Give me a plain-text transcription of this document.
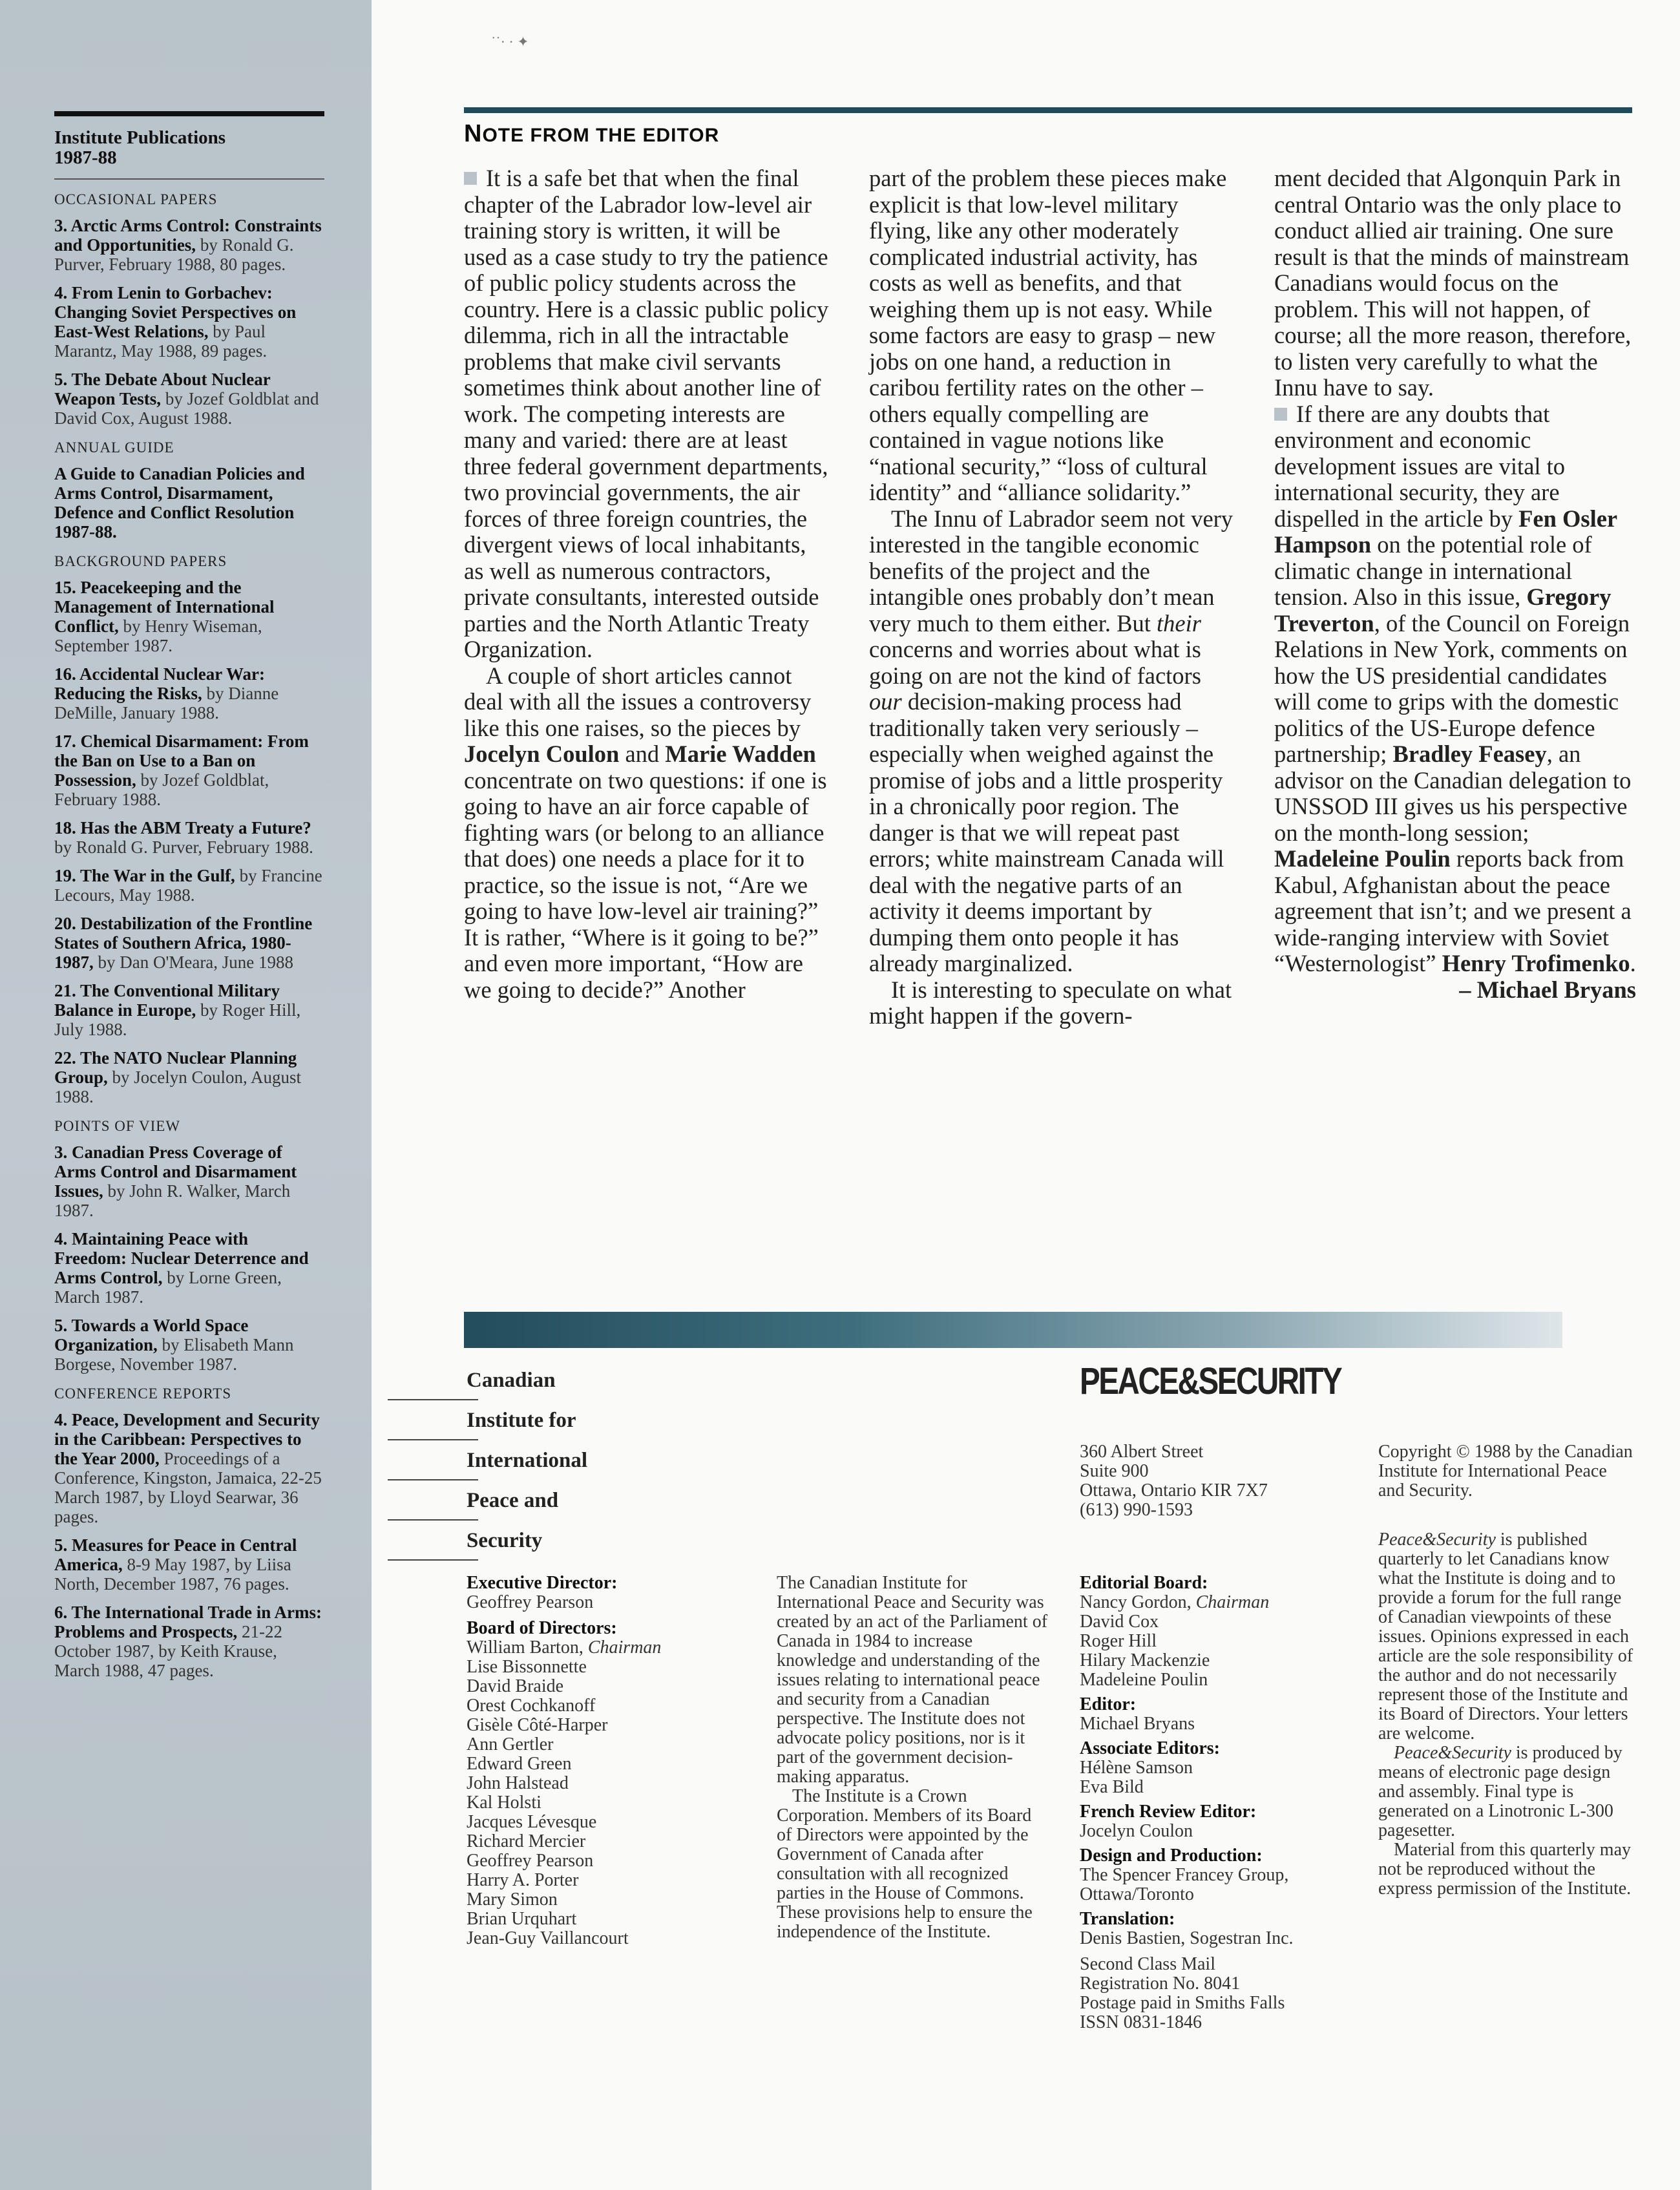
Institute Publications
1987-88
OCCASIONAL PAPERS
3. Arctic Arms Control: Constraints and Opportunities, by Ronald G. Purver, February 1988, 80 pages.
4. From Lenin to Gorbachev: Changing Soviet Perspectives on East-West Relations, by Paul Marantz, May 1988, 89 pages.
5. The Debate About Nuclear Weapon Tests, by Jozef Goldblat and David Cox, August 1988.
ANNUAL GUIDE
A Guide to Canadian Policies and Arms Control, Disarmament, Defence and Conflict Resolution 1987-88.
BACKGROUND PAPERS
15. Peacekeeping and the Management of International Conflict, by Henry Wiseman, September 1987.
16. Accidental Nuclear War: Reducing the Risks, by Dianne DeMille, January 1988.
17. Chemical Disarmament: From the Ban on Use to a Ban on Possession, by Jozef Goldblat, February 1988.
18. Has the ABM Treaty a Future? by Ronald G. Purver, February 1988.
19. The War in the Gulf, by Francine Lecours, May 1988.
20. Destabilization of the Frontline States of Southern Africa, 1980-1987, by Dan O'Meara, June 1988
21. The Conventional Military Balance in Europe, by Roger Hill, July 1988.
22. The NATO Nuclear Planning Group, by Jocelyn Coulon, August 1988.
POINTS OF VIEW
3. Canadian Press Coverage of Arms Control and Disarmament Issues, by John R. Walker, March 1987.
4. Maintaining Peace with Freedom: Nuclear Deterrence and Arms Control, by Lorne Green, March 1987.
5. Towards a World Space Organization, by Elisabeth Mann Borgese, November 1987.
CONFERENCE REPORTS
4. Peace, Development and Security in the Caribbean: Perspectives to the Year 2000, Proceedings of a Conference, Kingston, Jamaica, 22-25 March 1987, by Lloyd Searwar, 36 pages.
5. Measures for Peace in Central America, 8-9 May 1987, by Liisa North, December 1987, 76 pages.
6. The International Trade in Arms: Problems and Prospects, 21-22 October 1987, by Keith Krause, March 1988, 47 pages.
˙˙· · ✦
NOTE FROM THE EDITOR

It is a safe bet that when the final chapter of the Labrador low-level air training story is written, it will be used as a case study to try the patience of public policy students across the country. Here is a classic public policy dilemma, rich in all the intractable problems that make civil servants sometimes think about another line of work. The competing interests are many and varied: there are at least three federal government departments, two provincial governments, the air forces of three foreign countries, the divergent views of local inhabitants, as well as numerous contractors, private consultants, interested outside parties and the North Atlantic Treaty Organization.

A couple of short articles cannot deal with all the issues a controversy like this one raises, so the pieces by Jocelyn Coulon and Marie Wadden concentrate on two questions: if one is going to have an air force capable of fighting wars (or belong to an alliance that does) one needs a place for it to practice, so the issue is not, “Are we going to have low-level air training?” It is rather, “Where is it going to be?” and even more important, “How are we going to decide?” Another

part of the problem these pieces make explicit is that low-level military flying, like any other moderately complicated industrial activity, has costs as well as benefits, and that weighing them up is not easy. While some factors are easy to grasp – new jobs on one hand, a reduction in caribou fertility rates on the other – others equally compelling are contained in vague notions like “national security,” “loss of cultural identity” and “alliance solidarity.”

The Innu of Labrador seem not very interested in the tangible economic benefits of the project and the intangible ones probably don’t mean very much to them either. But their concerns and worries about what is going on are not the kind of factors our decision-making process had traditionally taken very seriously – especially when weighed against the promise of jobs and a little prosperity in a chronically poor region. The danger is that we will repeat past errors; white mainstream Canada will deal with the negative parts of an activity it deems important by dumping them onto people it has already marginalized.

It is interesting to speculate on what might happen if the govern-

ment decided that Algonquin Park in central Ontario was the only place to conduct allied air training. One sure result is that the minds of mainstream Canadians would focus on the problem. This will not happen, of course; all the more reason, therefore, to listen very carefully to what the Innu have to say.

If there are any doubts that environment and economic development issues are vital to international security, they are dispelled in the article by Fen Osler Hampson on the potential role of climatic change in international tension. Also in this issue, Gregory Treverton, of the Council on Foreign Relations in New York, comments on how the US presidential candidates will come to grips with the domestic politics of the US-Europe defence partnership; Bradley Feasey, an advisor on the Canadian delegation to UNSSOD III gives us his perspective on the month-long session; Madeleine Poulin reports back from Kabul, Afghanistan about the peace agreement that isn’t; and we present a wide-ranging interview with Soviet “Westernologist” Henry Trofimenko.

– Michael Bryans

Canadian
Institute for
International
Peace and
Security
Executive Director:
Geoffrey Pearson
Board of Directors:
William Barton, Chairman
Lise Bissonnette
David Braide
Orest Cochkanoff
Gisèle Côté-Harper
Ann Gertler
Edward Green
John Halstead
Kal Holsti
Jacques Lévesque
Richard Mercier
Geoffrey Pearson
Harry A. Porter
Mary Simon
Brian Urquhart
Jean-Guy Vaillancourt
The Canadian Institute for International Peace and Security was created by an act of the Parliament of Canada in 1984 to increase knowledge and understanding of the issues relating to international peace and security from a Canadian perspective. The Institute does not advocate policy positions, nor is it part of the government decision-making apparatus.
The Institute is a Crown Corporation. Members of its Board of Directors were appointed by the Government of Canada after consultation with all recognized parties in the House of Commons. These provisions help to ensure the independence of the Institute.
PEACE&SECURITY
360 Albert Street
Suite 900
Ottawa, Ontario KIR 7X7
(613) 990-1593
Editorial Board:
Nancy Gordon, Chairman
David Cox
Roger Hill
Hilary Mackenzie
Madeleine Poulin
Editor:
Michael Bryans
Associate Editors:
Hélène Samson
Eva Bild
French Review Editor:
Jocelyn Coulon
Design and Production:
The Spencer Francey Group,
Ottawa/Toronto
Translation:
Denis Bastien, Sogestran Inc.
Second Class Mail
Registration No. 8041
Postage paid in Smiths Falls
ISSN 0831-1846
Copyright © 1988 by the Canadian Institute for International Peace and Security.
Peace&Security is published quarterly to let Canadians know what the Institute is doing and to provide a forum for the full range of Canadian viewpoints of these issues. Opinions expressed in each article are the sole responsibility of the author and do not necessarily represent those of the Institute and its Board of Directors. Your letters are welcome.
Peace&Security is produced by means of electronic page design and assembly. Final type is generated on a Linotronic L-300 pagesetter.
Material from this quarterly may not be reproduced without the express permission of the Institute.
